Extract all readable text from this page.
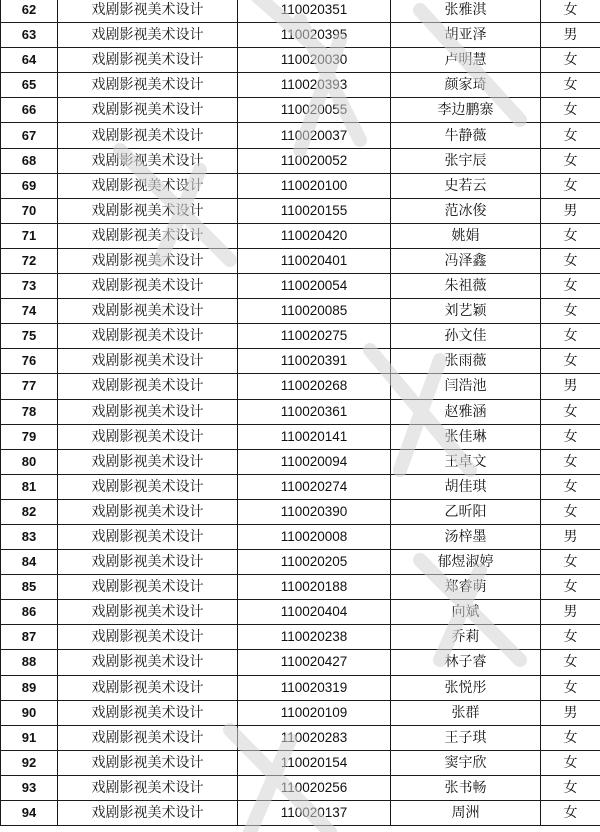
62	戏剧影视美术设计	110020351	张雅淇	女
63	戏剧影视美术设计	110020395	胡亚泽	男
64	戏剧影视美术设计	110020030	卢明慧	女
65	戏剧影视美术设计	110020393	颜家琦	女
66	戏剧影视美术设计	110020055	李边鹏寨	女
67	戏剧影视美术设计	110020037	牛静薇	女
68	戏剧影视美术设计	110020052	张宇辰	女
69	戏剧影视美术设计	110020100	史若云	女
70	戏剧影视美术设计	110020155	范冰俊	男
71	戏剧影视美术设计	110020420	姚娟	女
72	戏剧影视美术设计	110020401	冯泽鑫	女
73	戏剧影视美术设计	110020054	朱祖薇	女
74	戏剧影视美术设计	110020085	刘艺颖	女
75	戏剧影视美术设计	110020275	孙文佳	女
76	戏剧影视美术设计	110020391	张雨薇	女
77	戏剧影视美术设计	110020268	闫浩池	男
78	戏剧影视美术设计	110020361	赵雅涵	女
79	戏剧影视美术设计	110020141	张佳琳	女
80	戏剧影视美术设计	110020094	王卓文	女
81	戏剧影视美术设计	110020274	胡佳琪	女
82	戏剧影视美术设计	110020390	乙昕阳	女
83	戏剧影视美术设计	110020008	汤梓墨	男
84	戏剧影视美术设计	110020205	郁煜淑婷	女
85	戏剧影视美术设计	110020188	郑睿萌	女
86	戏剧影视美术设计	110020404	向斌	男
87	戏剧影视美术设计	110020238	乔莉	女
88	戏剧影视美术设计	110020427	林子睿	女
89	戏剧影视美术设计	110020319	张悦彤	女
90	戏剧影视美术设计	110020109	张群	男
91	戏剧影视美术设计	110020283	王子琪	女
92	戏剧影视美术设计	110020154	窦宇欣	女
93	戏剧影视美术设计	110020256	张书畅	女
94	戏剧影视美术设计	110020137	周洲	女
